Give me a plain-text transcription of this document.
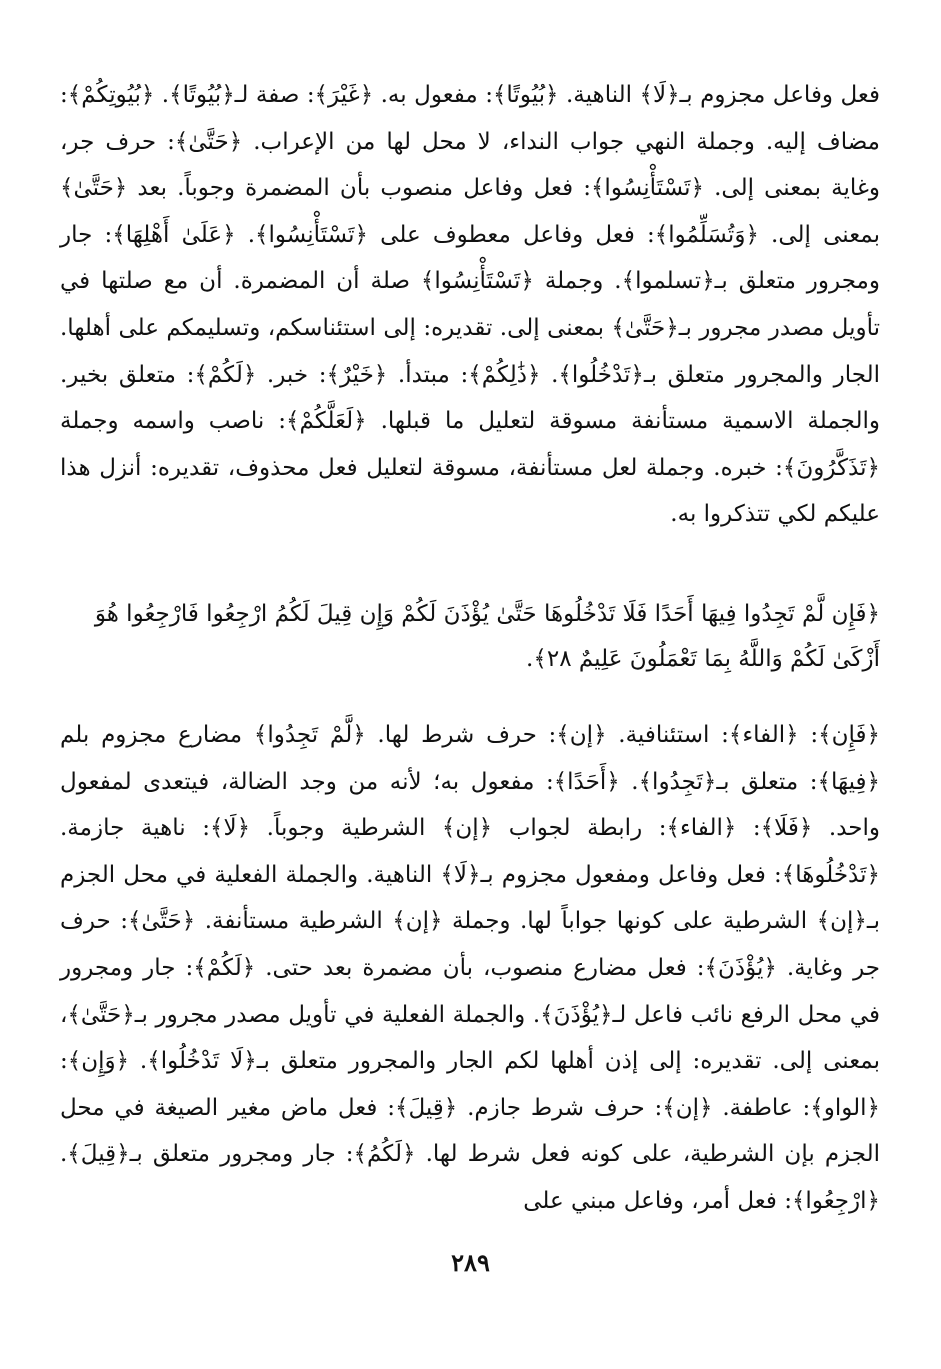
فعل وفاعل مجزوم بـ﴿لَا﴾ الناهية. ﴿بُيُوتًا﴾: مفعول به. ﴿غَيْرَ﴾: صفة لـ﴿بُيُوتًا﴾. ﴿بُيُوتِكُمْ﴾: مضاف إليه. وجملة النهي جواب النداء، لا محل لها من الإعراب. ﴿حَتَّىٰ﴾: حرف جر، وغاية بمعنى إلى. ﴿تَسْتَأْنِسُوا﴾: فعل وفاعل منصوب بأن المضمرة وجوباً. بعد ﴿حَتَّىٰ﴾ بمعنى إلى. ﴿وَتُسَلِّمُوا﴾: فعل وفاعل معطوف على ﴿تَسْتَأْنِسُوا﴾. ﴿عَلَىٰ أَهْلِهَا﴾: جار ومجرور متعلق بـ﴿تسلموا﴾. وجملة ﴿تَسْتَأْنِسُوا﴾ صلة أن المضمرة. أن مع صلتها في تأويل مصدر مجرور بـ﴿حَتَّىٰ﴾ بمعنى إلى. تقديره: إلى استئناسكم، وتسليمكم على أهلها. الجار والمجرور متعلق بـ﴿تَدْخُلُوا﴾. ﴿ذَٰلِكُمْ﴾: مبتدأ. ﴿خَيْرٌ﴾: خبر. ﴿لَكُمْ﴾: متعلق بخير. والجملة الاسمية مستأنفة مسوقة لتعليل ما قبلها. ﴿لَعَلَّكُمْ﴾: ناصب واسمه وجملة ﴿تَذَكَّرُونَ﴾: خبره. وجملة لعل مستأنفة، مسوقة لتعليل فعل محذوف، تقديره: أنزل هذا عليكم لكي تتذكروا به.

﴿فَإِن لَّمْ تَجِدُوا فِيهَا أَحَدًا فَلَا تَدْخُلُوهَا حَتَّىٰ يُؤْذَنَ لَكُمْ وَإِن قِيلَ لَكُمُ ارْجِعُوا فَارْجِعُوا هُوَ أَزْكَىٰ لَكُمْ وَاللَّهُ بِمَا تَعْمَلُونَ عَلِيمٌ ٢٨﴾.

﴿فَإِن﴾: ﴿الفاء﴾: استئنافية. ﴿إن﴾: حرف شرط لها. ﴿لَّمْ تَجِدُوا﴾ مضارع مجزوم بلم ﴿فِيهَا﴾: متعلق بـ﴿تَجِدُوا﴾. ﴿أَحَدًا﴾: مفعول به؛ لأنه من وجد الضالة، فيتعدى لمفعول واحد. ﴿فَلَا﴾: ﴿الفاء﴾: رابطة لجواب ﴿إن﴾ الشرطية وجوباً. ﴿لَا﴾: ناهية جازمة. ﴿تَدْخُلُوهَا﴾: فعل وفاعل ومفعول مجزوم بـ﴿لَا﴾ الناهية. والجملة الفعلية في محل الجزم بـ﴿إن﴾ الشرطية على كونها جواباً لها. وجملة ﴿إن﴾ الشرطية مستأنفة. ﴿حَتَّىٰ﴾: حرف جر وغاية. ﴿يُؤْذَنَ﴾: فعل مضارع منصوب، بأن مضمرة بعد حتى. ﴿لَكُمْ﴾: جار ومجرور في محل الرفع نائب فاعل لـ﴿يُؤْذَنَ﴾. والجملة الفعلية في تأويل مصدر مجرور بـ﴿حَتَّىٰ﴾، بمعنى إلى. تقديره: إلى إذن أهلها لكم الجار والمجرور متعلق بـ﴿لَا تَدْخُلُوا﴾. ﴿وَإِن﴾: ﴿الواو﴾: عاطفة. ﴿إن﴾: حرف شرط جازم. ﴿قِيلَ﴾: فعل ماض مغير الصيغة في محل الجزم بإن الشرطية، على كونه فعل شرط لها. ﴿لَكُمُ﴾: جار ومجرور متعلق بـ﴿قِيلَ﴾. ﴿ارْجِعُوا﴾: فعل أمر، وفاعل مبني على

٢٨٩
